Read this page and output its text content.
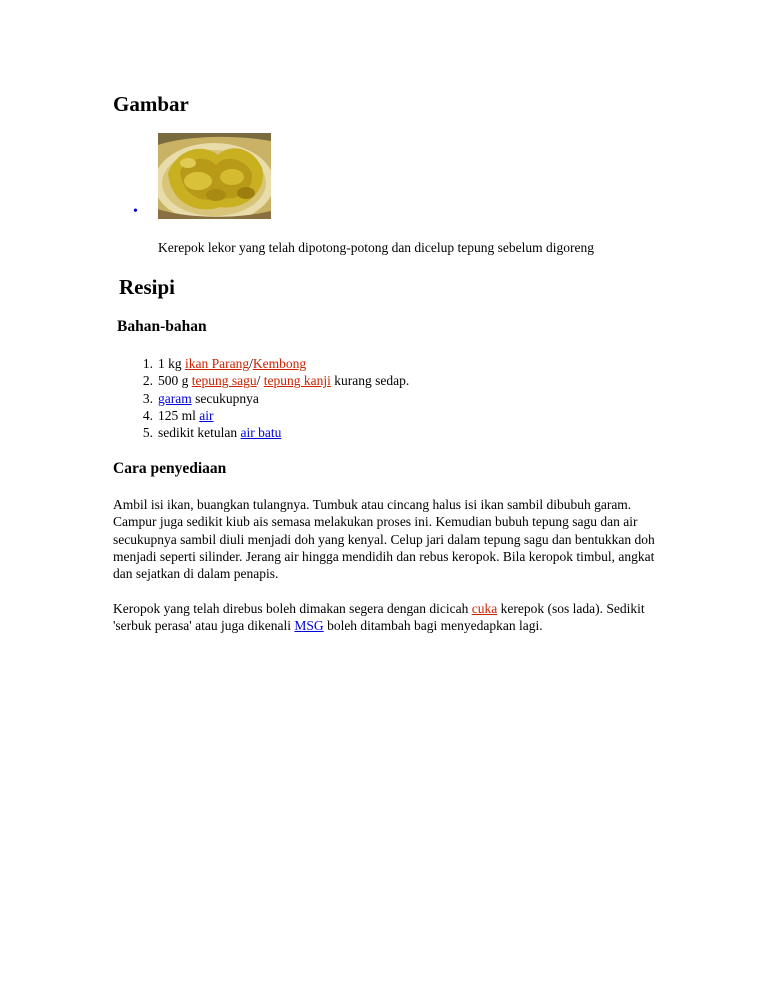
Gambar
•
Kerepok lekor yang telah dipotong-potong dan dicelup tepung sebelum digoreng
Resipi
Bahan-bahan
1. 1 kg ikan Parang/Kembong
2. 500 g tepung sagu/ tepung kanji kurang sedap.
3. garam secukupnya
4. 125 ml air
5. sedikit ketulan air batu
Cara penyediaan

Ambil isi ikan, buangkan tulangnya. Tumbuk atau cincang halus isi ikan sambil dibubuh garam. Campur juga sedikit kiub ais semasa melakukan proses ini. Kemudian bubuh tepung sagu dan air secukupnya sambil diuli menjadi doh yang kenyal. Celup jari dalam tepung sagu dan bentukkan doh menjadi seperti silinder. Jerang air hingga mendidih dan rebus keropok. Bila keropok timbul, angkat dan sejatkan di dalam penapis.

Keropok yang telah direbus boleh dimakan segera dengan dicicah cuka kerepok (sos lada). Sedikit 'serbuk perasa' atau juga dikenali MSG boleh ditambah bagi menyedapkan lagi.
